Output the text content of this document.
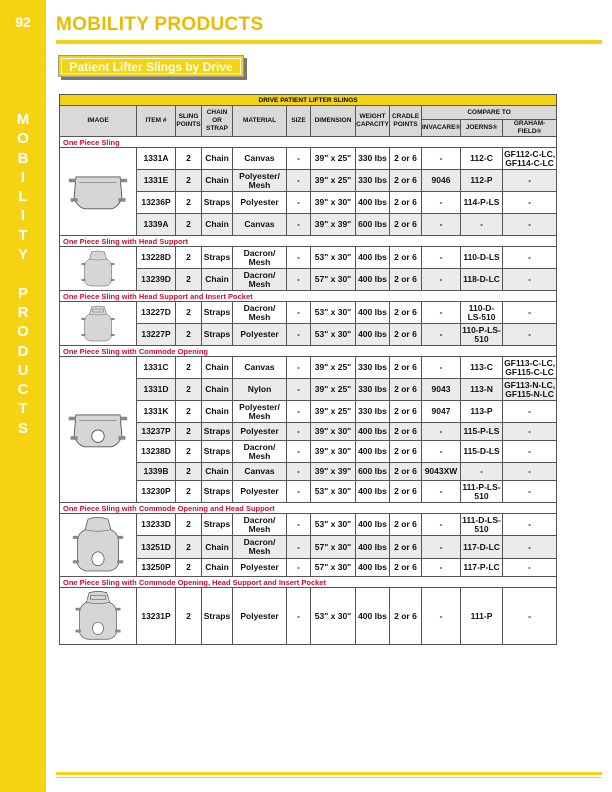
92
M
O
B
I
L
I
T
Y
P
R
O
D
U
C
T
S
MOBILITY PRODUCTS
Patient Lifter Slings by Drive
DRIVE PATIENT LIFTER SLINGS											
IMAGE	ITEM #	SLING POINTS	CHAIN OR STRAP	MATERIAL	SIZE	DIMENSION	WEIGHT CAPACITY	CRADLE POINTS	COMPARE TO		
									INVACARE®	JOERNS®	GRAHAM-FIELD®
One Piece Sling											

	1331A	2	Chain	Canvas	-	39" x 25"	330 lbs	2 or 6	-	112-C	GF112-C-LC, GF114-C-LC
	1331E	2	Chain	Polyester/ Mesh	-	39" x 25"	330 lbs	2 or 6	9046	112-P	-
	13236P	2	Straps	Polyester	-	39" x 30"	400 lbs	2 or 6	-	114-P-LS	-
	1339A	2	Chain	Canvas	-	39" x 39"	600 lbs	2 or 6	-	-	-
One Piece Sling with Head Support											

	13228D	2	Straps	Dacron/ Mesh	-	53" x 30"	400 lbs	2 or 6	-	110-D-LS	-
	13239D	2	Chain	Dacron/ Mesh	-	57" x 30"	400 lbs	2 or 6	-	118-D-LC	-
One Piece Sling with Head Support and Insert Pocket											

	13227D	2	Straps	Dacron/ Mesh	-	53" x 30"	400 lbs	2 or 6	-	110-D-LS-510	-
	13227P	2	Straps	Polyester	-	53" x 30"	400 lbs	2 or 6	-	110-P-LS-510	-
One Piece Sling with Commode Opening											

	1331C	2	Chain	Canvas	-	39" x 25"	330 lbs	2 or 6	-	113-C	GF113-C-LC, GF115-C-LC
	1331D	2	Chain	Nylon	-	39" x 25"	330 lbs	2 or 6	9043	113-N	GF113-N-LC, GF115-N-LC
	1331K	2	Chain	Polyester/ Mesh	-	39" x 25"	330 lbs	2 or 6	9047	113-P	-
	13237P	2	Straps	Polyester	-	39" x 30"	400 lbs	2 or 6	-	115-P-LS	-
	13238D	2	Straps	Dacron/ Mesh	-	39" x 30"	400 lbs	2 or 6	-	115-D-LS	-
	1339B	2	Chain	Canvas	-	39" x 39"	600 lbs	2 or 6	9043XW	-	-
	13230P	2	Straps	Polyester	-	53" x 30"	400 lbs	2 or 6	-	111-P-LS-510	-
One Piece Sling with Commode Opening and Head Support											

	13233D	2	Straps	Dacron/ Mesh	-	53" x 30"	400 lbs	2 or 6	-	111-D-LS-510	-
	13251D	2	Chain	Dacron/ Mesh	-	57" x 30"	400 lbs	2 or 6	-	117-D-LC	-
	13250P	2	Chain	Polyester	-	57" x 30"	400 lbs	2 or 6	-	117-P-LC	-
One Piece Sling with Commode Opening, Head Support and Insert Pocket											

	13231P	2	Straps	Polyester	-	53" x 30"	400 lbs	2 or 6	-	111-P	-
